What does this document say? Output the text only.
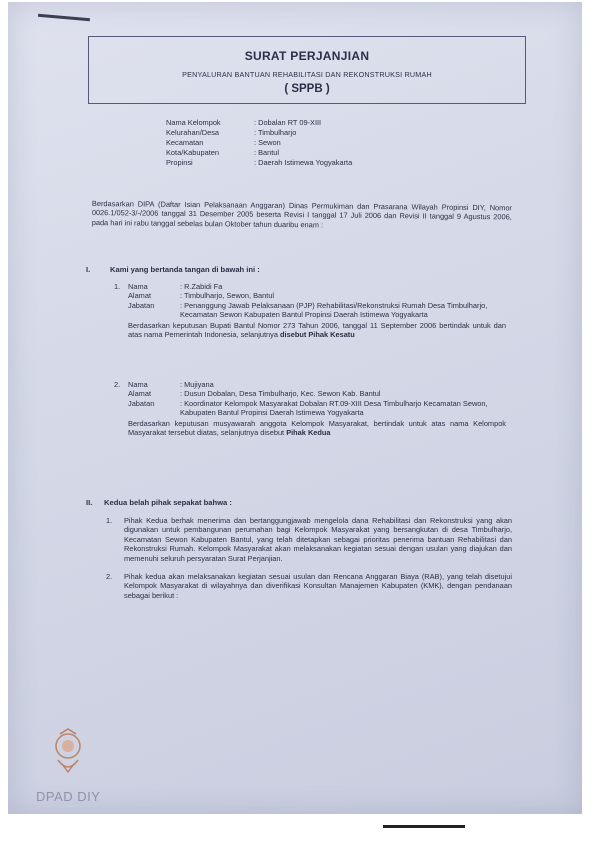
SURAT PERJANJIAN
PENYALURAN BANTUAN REHABILITASI DAN REKONSTRUKSI RUMAH
( SPPB )
Nama Kelompok	: Dobalan RT 09-XIII
Kelurahan/Desa	: Timbulharjo
Kecamatan	: Sewon
Kota/Kabupaten	: Bantul
Propinsi	: Daerah Istimewa Yogyakarta
Berdasarkan DIPA (Daftar Isian Pelaksanaan Anggaran) Dinas Permukiman dan Prasarana Wilayah Propinsi DIY, Nomor 0026.1/052-3/-/2006 tanggal 31 Desember 2005 beserta Revisi I tanggal 17 Juli 2006 dan Revisi II tanggal 9 Agustus 2006, pada hari ini rabu tanggal sebelas bulan Oktober tahun duaribu enam :
I.	Kami yang bertanda tangan di bawah ini :
1.	Nama	: R.Zabidi Fa
Alamat	: Timbulharjo, Sewon, Bantul
Jabatan	: Penanggung Jawab Pelaksanaan (PJP) Rehabilitasi/Rekonstruksi Rumah Desa Timbulharjo, Kecamatan Sewon Kabupaten Bantul Propinsi Daerah Istimewa Yogyakarta
Berdasarkan keputusan Bupati Bantul Nomor 273 Tahun 2006, tanggal 11 September 2006 bertindak untuk dan atas nama Pemerintah Indonesia, selanjutnya disebut Pihak Kesatu
2.	Nama	: Mujiyana
Alamat	: Dusun Dobalan, Desa Timbulharjo, Kec. Sewon Kab. Bantul
Jabatan	: Koordinator Kelompok Masyarakat Dobalan RT.09-XIII Desa Timbulharjo Kecamatan Sewon, Kabupaten Bantul Propinsi Daerah Istimewa Yogyakarta
Berdasarkan keputusan musyawarah anggota Kelompok Masyarakat, bertindak untuk atas nama Kelompok Masyarakat tersebut diatas, selanjutnya disebut Pihak Kedua
II. Kedua belah pihak sepakat bahwa :
1.	Pihak Kedua berhak menerima dan bertanggungjawab mengelola dana Rehabilitasi dan Rekonstruksi yang akan digunakan untuk pembangunan perumahan bagi Kelompok Masyarakat yang bersangkutan di desa Timbulharjo, Kecamatan Sewon Kabupaten Bantul, yang telah ditetapkan sebagai prioritas penerima bantuan Rehabilitasi dan Rekonstruksi Rumah. Kelompok Masyarakat akan melaksanakan kegiatan sesuai dengan usulan yang diajukan dan memenuhi seluruh persyaratan Surat Perjanjian.
2.	Pihak kedua akan melaksanakan kegiatan sesuai usulan dan Rencana Anggaran Biaya (RAB), yang telah disetujui Kelompok Masyarakat di wilayahnya dan diverifikasi Konsultan Manajemen Kabupaten (KMK), dengan pendanaan sebagai berikut :
DPAD DIY
